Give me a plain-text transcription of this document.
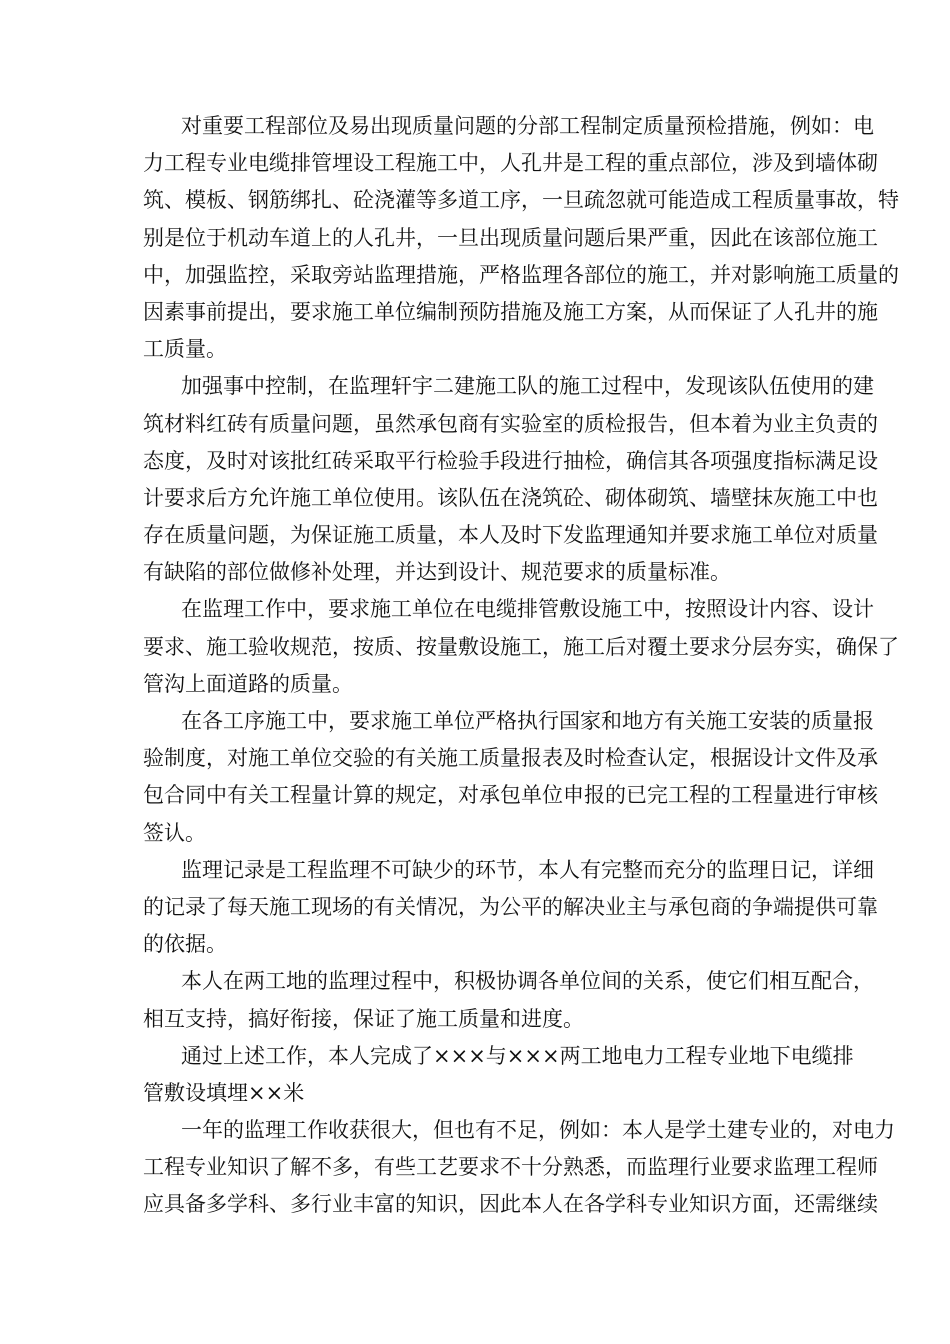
对重要工程部位及易出现质量问题的分部工程制定质量预检措施，例如：电
力工程专业电缆排管埋设工程施工中，人孔井是工程的重点部位，涉及到墙体砌
筑、模板、钢筋绑扎、砼浇灌等多道工序，一旦疏忽就可能造成工程质量事故，特
别是位于机动车道上的人孔井，一旦出现质量问题后果严重，因此在该部位施工
中，加强监控，采取旁站监理措施，严格监理各部位的施工，并对影响施工质量的
因素事前提出，要求施工单位编制预防措施及施工方案，从而保证了人孔井的施
工质量。

加强事中控制，在监理轩宇二建施工队的施工过程中，发现该队伍使用的建
筑材料红砖有质量问题，虽然承包商有实验室的质检报告，但本着为业主负责的
态度，及时对该批红砖采取平行检验手段进行抽检，确信其各项强度指标满足设
计要求后方允许施工单位使用。该队伍在浇筑砼、砌体砌筑、墙壁抹灰施工中也
存在质量问题，为保证施工质量，本人及时下发监理通知并要求施工单位对质量
有缺陷的部位做修补处理，并达到设计、规范要求的质量标准。

在监理工作中，要求施工单位在电缆排管敷设施工中，按照设计内容、设计
要求、施工验收规范，按质、按量敷设施工，施工后对覆土要求分层夯实，确保了
管沟上面道路的质量。

在各工序施工中，要求施工单位严格执行国家和地方有关施工安装的质量报
验制度，对施工单位交验的有关施工质量报表及时检查认定，根据设计文件及承
包合同中有关工程量计算的规定，对承包单位申报的已完工程的工程量进行审核
签认。

监理记录是工程监理不可缺少的环节，本人有完整而充分的监理日记，详细
的记录了每天施工现场的有关情况，为公平的解决业主与承包商的争端提供可靠
的依据。

本人在两工地的监理过程中，积极协调各单位间的关系，使它们相互配合，
相互支持，搞好衔接，保证了施工质量和进度。

通过上述工作，本人完成了×××与×××两工地电力工程专业地下电缆排
管敷设填埋××米

一年的监理工作收获很大，但也有不足，例如：本人是学土建专业的，对电力
工程专业知识了解不多，有些工艺要求不十分熟悉，而监理行业要求监理工程师
应具备多学科、多行业丰富的知识，因此本人在各学科专业知识方面，还需继续
